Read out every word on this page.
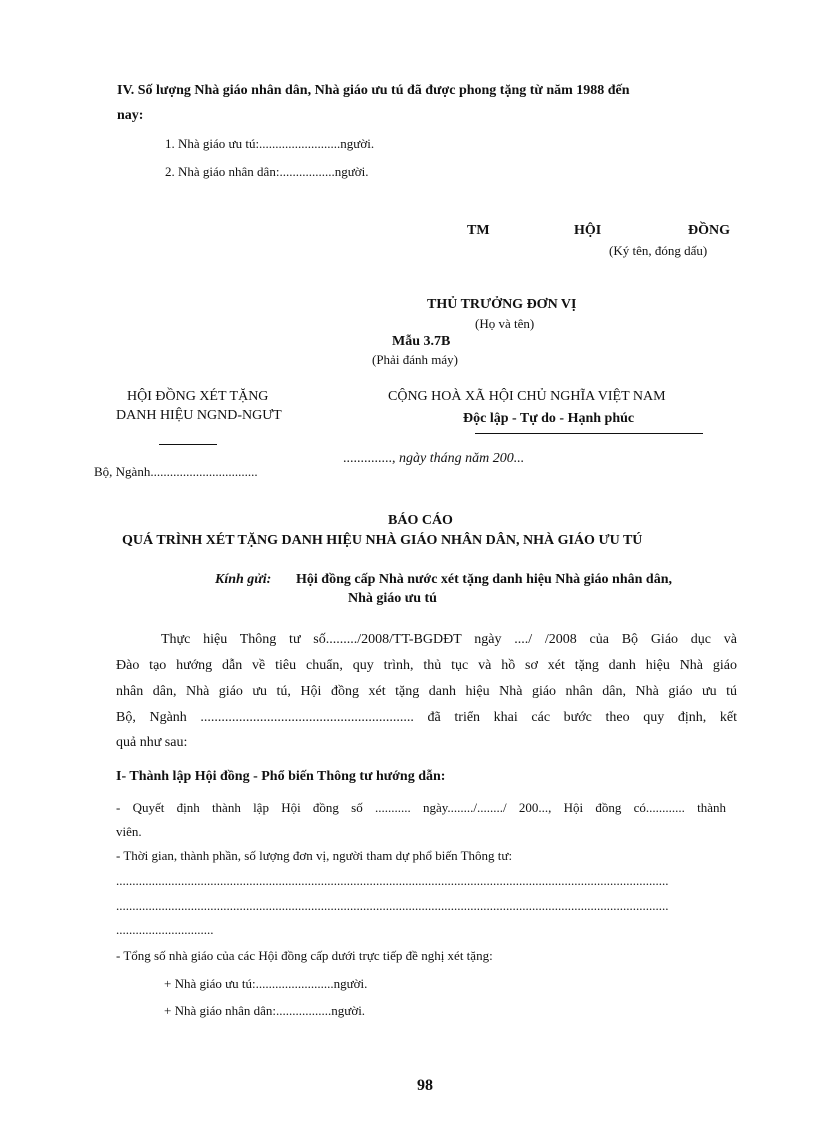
IV. Số lượng Nhà giáo nhân dân, Nhà giáo ưu tú đã được phong tặng từ năm 1988 đến
nay:
1. Nhà giáo ưu tú:.........................người.
2. Nhà giáo nhân dân:.................người.
TM	HỘI	ĐỒNG
(Ký tên, đóng dấu)
THỦ TRƯỞNG ĐƠN VỊ
(Họ và tên)
Mẫu 3.7B
(Phải đánh máy)
HỘI ĐỒNG XÉT TẶNG
DANH HIỆU NGND-NGƯT
Bộ, Ngành.................................
CỘNG HOÀ XÃ HỘI CHỦ NGHĨA VIỆT NAM
Độc lập - Tự do - Hạnh phúc
.............., ngày tháng năm 200...
BÁO CÁO
QUÁ TRÌNH XÉT TẶNG DANH HIỆU NHÀ GIÁO NHÂN DÂN, NHÀ GIÁO ƯU TÚ
Kính gửi: Hội đồng cấp Nhà nước xét tặng danh hiệu Nhà giáo nhân dân,
Nhà giáo ưu tú
Thực hiệu Thông tư số........./2008/TT-BGDĐT ngày ..../ /2008 của Bộ Giáo dục và
Đào tạo hướng dẫn về tiêu chuẩn, quy trình, thủ tục và hồ sơ xét tặng danh hiệu Nhà giáo
nhân dân, Nhà giáo ưu tú, Hội đồng xét tặng danh hiệu Nhà giáo nhân dân, Nhà giáo ưu tú
Bộ, Ngành ............................................................. đã triển khai các bước theo quy định, kết
quả như sau:
I- Thành lập Hội đồng - Phổ biến Thông tư hướng dẫn:
- Quyết định thành lập Hội đồng số ........... ngày......../......../ 200..., Hội đồng có............ thành
viên.
- Thời gian, thành phần, số lượng đơn vị, người tham dự phổ biến Thông tư:
..........................................................................................................................................................................
..........................................................................................................................................................................
..............................
- Tổng số nhà giáo của các Hội đồng cấp dưới trực tiếp đề nghị xét tặng:
+ Nhà giáo ưu tú:........................người.
+ Nhà giáo nhân dân:.................người.
98
